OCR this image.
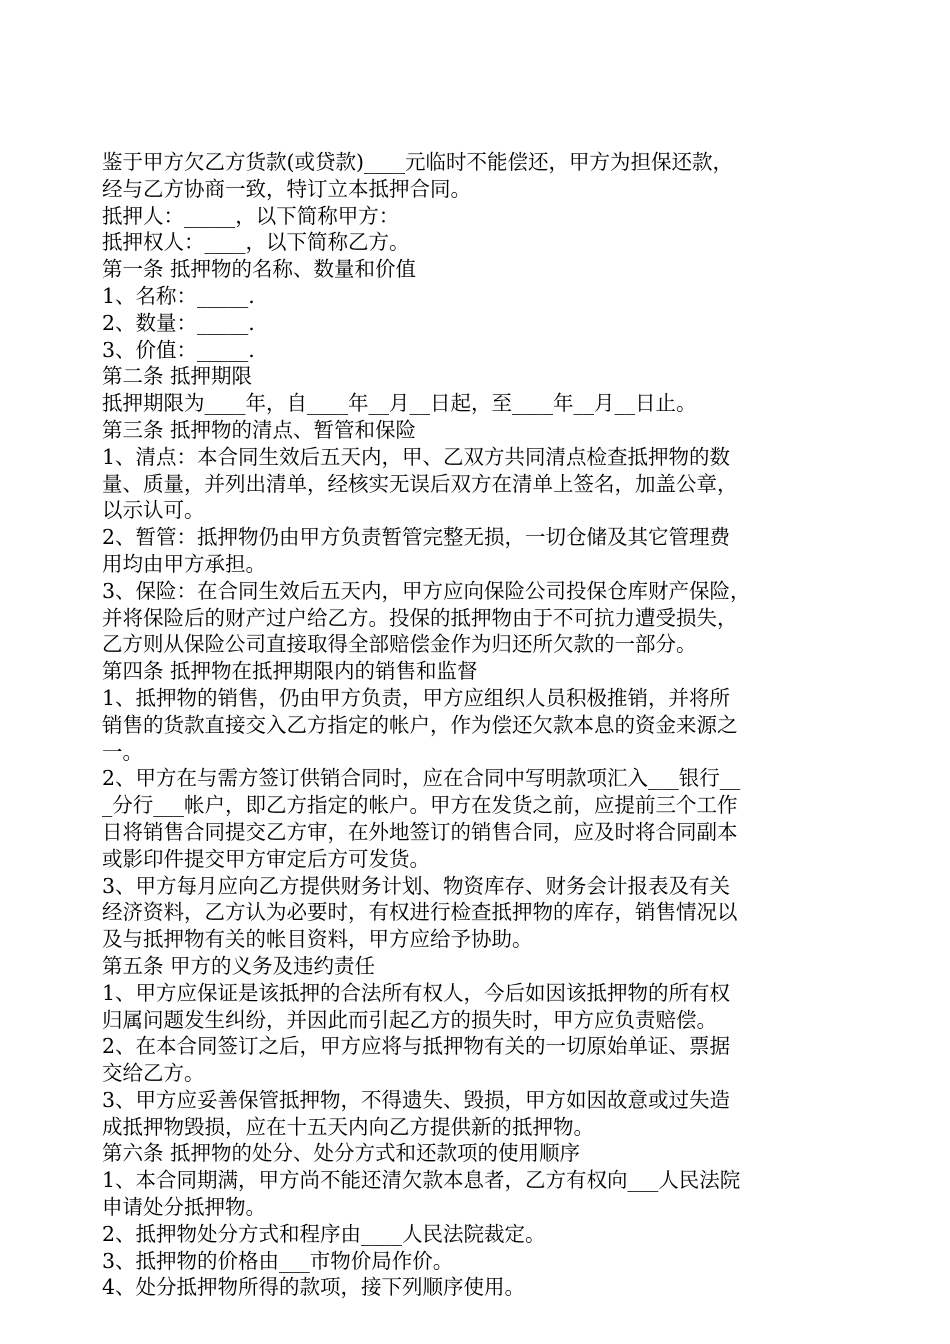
鉴于甲方欠乙方货款(或贷款)____元临时不能偿还，甲方为担保还款，
经与乙方协商一致，特订立本抵押合同。
抵押人：_____，以下简称甲方：
抵押权人：____，以下简称乙方。
第一条 抵押物的名称、数量和价值
1、名称：_____.
2、数量：_____.
3、价值：_____.
第二条 抵押期限
抵押期限为____年，自____年__月__日起，至____年__月__日止。
第三条 抵押物的清点、暂管和保险
1、清点：本合同生效后五天内，甲、乙双方共同清点检查抵押物的数
量、质量，并列出清单，经核实无误后双方在清单上签名，加盖公章，
以示认可。
2、暂管：抵押物仍由甲方负责暂管完整无损，一切仓储及其它管理费
用均由甲方承担。
3、保险：在合同生效后五天内，甲方应向保险公司投保仓库财产保险，
并将保险后的财产过户给乙方。投保的抵押物由于不可抗力遭受损失，
乙方则从保险公司直接取得全部赔偿金作为归还所欠款的一部分。
第四条 抵押物在抵押期限内的销售和监督
1、抵押物的销售，仍由甲方负责，甲方应组织人员积极推销，并将所
销售的货款直接交入乙方指定的帐户，作为偿还欠款本息的资金来源之
一。
2、甲方在与需方签订供销合同时，应在合同中写明款项汇入___银行__
_分行___帐户，即乙方指定的帐户。甲方在发货之前，应提前三个工作
日将销售合同提交乙方审，在外地签订的销售合同，应及时将合同副本
或影印件提交甲方审定后方可发货。
3、甲方每月应向乙方提供财务计划、物资库存、财务会计报表及有关
经济资料，乙方认为必要时，有权进行检查抵押物的库存，销售情况以
及与抵押物有关的帐目资料，甲方应给予协助。
第五条 甲方的义务及违约责任
1、甲方应保证是该抵押的合法所有权人，今后如因该抵押物的所有权
归属问题发生纠纷，并因此而引起乙方的损失时，甲方应负责赔偿。
2、在本合同签订之后，甲方应将与抵押物有关的一切原始单证、票据
交给乙方。
3、甲方应妥善保管抵押物，不得遗失、毁损，甲方如因故意或过失造
成抵押物毁损，应在十五天内向乙方提供新的抵押物。
第六条 抵押物的处分、处分方式和还款项的使用顺序
1、本合同期满，甲方尚不能还清欠款本息者，乙方有权向___人民法院
申请处分抵押物。
2、抵押物处分方式和程序由____人民法院裁定。
3、抵押物的价格由___市物价局作价。
4、处分抵押物所得的款项，接下列顺序使用。
